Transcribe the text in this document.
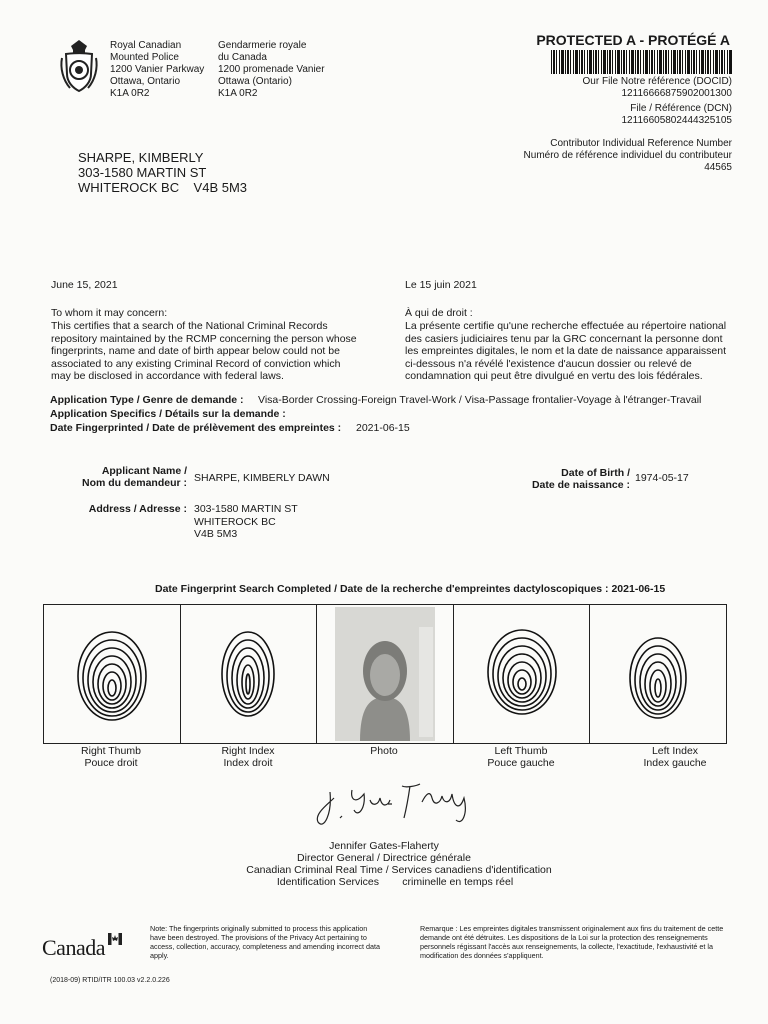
Royal Canadian
Mounted Police
1200 Vanier Parkway
Ottawa, Ontario
K1A 0R2
Gendarmerie royale
du Canada
1200 promenade Vanier
Ottawa (Ontario)
K1A 0R2
PROTECTED A - PROTÉGÉ A
Our File Notre référence (DOCID)
12116666875902001300
File / Référence (DCN)
12116605802444325105
Contributor Individual Reference Number
Numéro de référence individuel du contributeur
44565
SHARPE, KIMBERLY
303-1580 MARTIN ST
WHITEROCK BC    V4B 5M3
June 15, 2021	Le 15 juin 2021
To whom it may concern:	À qui de droit :
This certifies that a search of the National Criminal Records
repository maintained by the RCMP concerning the person whose
fingerprints, name and date of birth appear below could not be
associated to any existing Criminal Record of conviction which
may be disclosed in accordance with federal laws.
La présente certifie qu'une recherche effectuée au répertoire national
des casiers judiciaires tenu par la GRC concernant la personne dont
les empreintes digitales, le nom et la date de naissance apparaissent
ci-dessous n'a révélé l'existence d'aucun dossier ou relevé de
condamnation qui peut être divulgué en vertu des lois fédérales.
Application Type / Genre de demande : Visa-Border Crossing-Foreign Travel-Work / Visa-Passage frontalier-Voyage à l'étranger-Travail
Application Specifics / Détails sur la demande :
Date Fingerprinted / Date de prélèvement des empreintes : 2021-06-15
Applicant Name /
Nom du demandeur : SHARPE, KIMBERLY DAWN	Date of Birth /
Date de naissance :
1974-05-17
Address / Adresse : 303-1580 MARTIN ST
WHITEROCK BC
V4B 5M3
Date Fingerprint Search Completed / Date de la recherche d'empreintes dactyloscopiques : 2021-06-15
Right Thumb
Pouce droit
Right Index
Index droit
Photo	Left Thumb
Pouce gauche
Left Index
Index gauche
Jennifer Gates-Flaherty
Director General / Directrice générale
Canadian Criminal Real Time / Services canadiens d'identification
Identification Services        criminelle en temps réel
Canada
Note: The fingerprints originally submitted to process this application have been destroyed. The provisions of the Privacy Act pertaining to access, collection, accuracy, completeness and amending incorrect data apply.
Remarque : Les empreintes digitales transmissent originalement aux fins du traitement de cette demande ont été détruites. Les dispositions de la Loi sur la protection des renseignements personnels régissant l'accès aux renseignements, la collecte, l'exactitude, l'exhaustivité et la modification des données s'appliquent.
(2018-09) RTID/ITR 100.03 v2.2.0.226
